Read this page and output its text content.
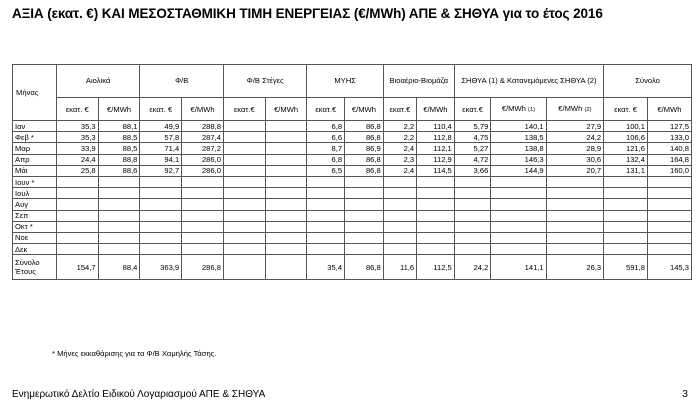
ΑΞΙΑ (εκατ. €) ΚΑΙ ΜΕΣΟΣΤΑΘΜΙΚΗ ΤΙΜΗ ΕΝΕΡΓΕΙΑΣ (€/MWh) ΑΠΕ & ΣΗΘΥΑ για το έτος 2016
Μήνας	Αιολικά		Φ/Β		Φ/Β Στέγες		ΜΥΗΣ		Βιοαέριο-Βιομάζα		ΣΗΘΥΑ (1) & Κατανεμόμενες ΣΗΘΥΑ (2)			Σύνολο	
	εκατ. €	€/MWh	εκατ. €	€/MWh	εκατ.€	€/MWh	εκατ.€	€/MWh	εκατ.€	€/MWh	εκατ.€	€/MWh (1)	€/MWh (2)	εκατ. €	€/MWh
Ιαν	35,3	88,1	49,9	288,8			6,8	86,8	2,2	110,4	5,79	140,1	27,9	100,1	127,5
Φεβ *	35,3	88,5	57,8	287,4			6,6	86,8	2,2	112,8	4,75	138,5	24,2	106,6	133,0
Μαρ	33,9	88,5	71,4	287,2			8,7	86,9	2,4	112,1	5,27	138,8	28,9	121,6	140,8
Απρ	24,4	88,8	94,1	286,0			6,8	86,8	2,3	112,9	4,72	146,3	30,6	132,4	164,8
Μάι	25,8	88,6	92,7	286,0			6,5	86,8	2,4	114,5	3,66	144,9	20,7	131,1	160,0
Ιουν *															
Ιουλ															
Αυγ															
Σεπ															
Οκτ *															
Νοε															
Δεκ															
Σύνολο Έτους	154,7	88,4	363,9	286,8			35,4	86,8	11,6	112,5	24,2	141,1	26,3	591,8	145,3
* Μήνες εκκαθάρισης για τα Φ/Β Χαμηλής Τάσης.
Ενημερωτικό Δελτίο Ειδικού Λογαριασμού ΑΠΕ & ΣΗΘΥΑ	3
